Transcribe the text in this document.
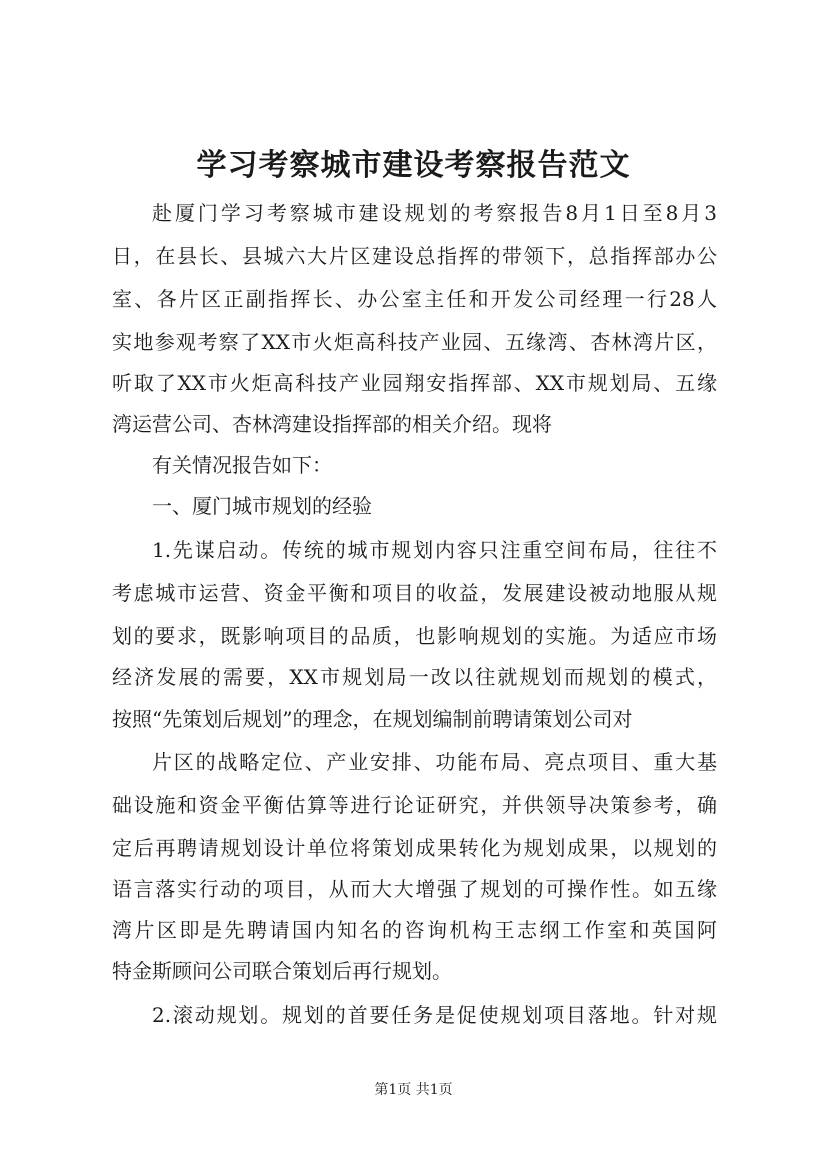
学习考察城市建设考察报告范文
赴厦门学习考察城市建设规划的考察报告8月1日至8月3
日，在县长、县城六大片区建设总指挥的带领下，总指挥部办公
室、各片区正副指挥长、办公室主任和开发公司经理一行28人
实地参观考察了XX市火炬高科技产业园、五缘湾、杏林湾片区，
听取了XX市火炬高科技产业园翔安指挥部、XX市规划局、五缘
湾运营公司、杏林湾建设指挥部的相关介绍。现将
有关情况报告如下：
一、厦门城市规划的经验
1.先谋启动。传统的城市规划内容只注重空间布局，往往不
考虑城市运营、资金平衡和项目的收益，发展建设被动地服从规
划的要求，既影响项目的品质，也影响规划的实施。为适应市场
经济发展的需要，XX市规划局一改以往就规划而规划的模式，
按照“先策划后规划”的理念，在规划编制前聘请策划公司对
片区的战略定位、产业安排、功能布局、亮点项目、重大基
础设施和资金平衡估算等进行论证研究，并供领导决策参考，确
定后再聘请规划设计单位将策划成果转化为规划成果，以规划的
语言落实行动的项目，从而大大增强了规划的可操作性。如五缘
湾片区即是先聘请国内知名的咨询机构王志纲工作室和英国阿
特金斯顾问公司联合策划后再行规划。
2.滚动规划。规划的首要任务是促使规划项目落地。针对规
第1页 共1页
